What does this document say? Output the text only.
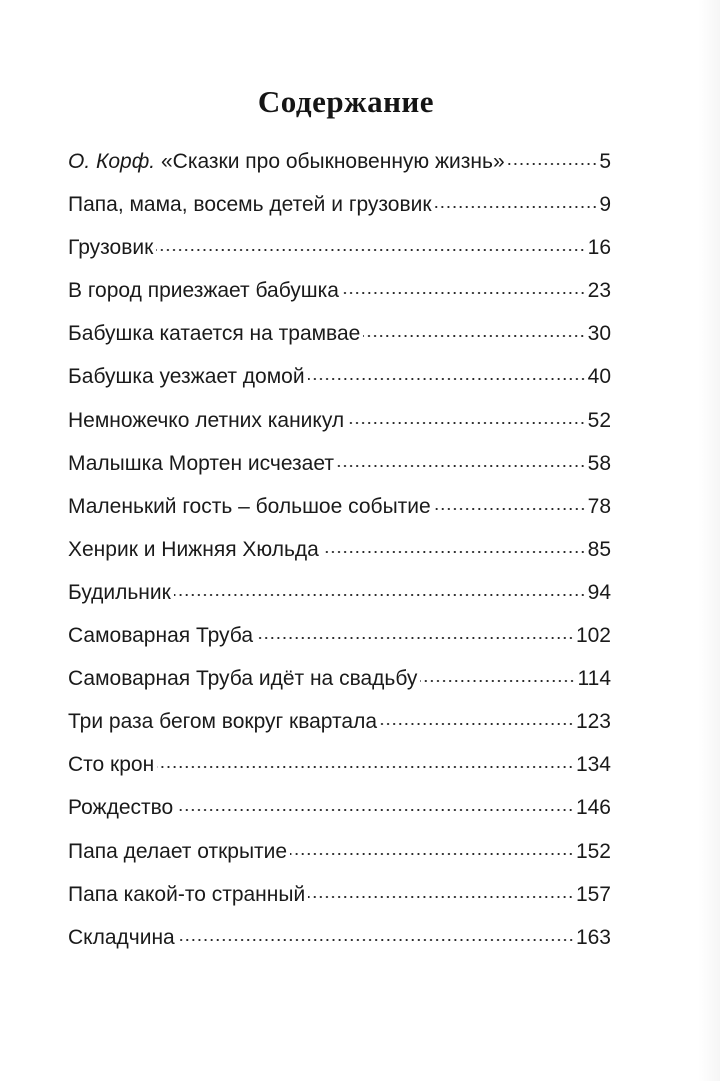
Содержание
О. Корф. «Сказки про обыкновенную жизнь»	5
Папа, мама, восемь детей и грузовик	9
Грузовик	16
В город приезжает бабушка	23
Бабушка катается на трамвае	30
Бабушка уезжает домой	40
Немножечко летних каникул	52
Малышка Мортен исчезает	58
Маленький гость – большое событие	78
Хенрик и Нижняя Хюльда	85
Будильник	94
Самоварная Труба	102
Самоварная Труба идёт на свадьбу	114
Три раза бегом вокруг квартала	123
Сто крон	134
Рождество	146
Папа делает открытие	152
Папа какой-то странный	157
Складчина	163
